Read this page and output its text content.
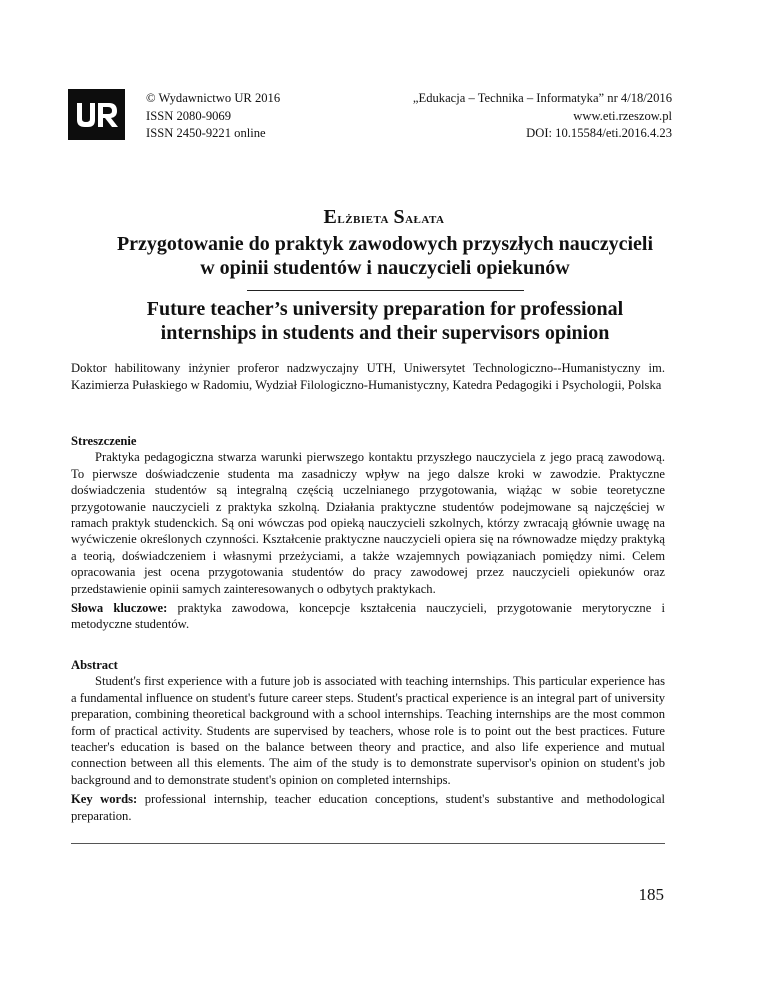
© Wydawnictwo UR 2016
ISSN 2080-9069
ISSN 2450-9221 online
„Edukacja – Technika – Informatyka” nr 4/18/2016
www.eti.rzeszow.pl
DOI: 10.15584/eti.2016.4.23
Elżbieta Sałata
Przygotowanie do praktyk zawodowych przyszłych nauczycieli
w opinii studentów i nauczycieli opiekunów
Future teacher’s university preparation for professional
internships in students and their supervisors opinion
Doktor habilitowany inżynier proferor nadzwyczajny UTH, Uniwersytet Technologiczno--Humanistyczny im. Kazimierza Pułaskiego w Radomiu, Wydział Filologiczno-Humanistyczny, Katedra Pedagogiki i Psychologii, Polska
Streszczenie

Praktyka pedagogiczna stwarza warunki pierwszego kontaktu przyszłego nauczyciela z jego pracą zawodową. To pierwsze doświadczenie studenta ma zasadniczy wpływ na jego dalsze kroki w zawodzie. Praktyczne doświadczenia studentów są integralną częścią uczelnianego przygotowania, wiążąc w sobie teoretyczne przygotowanie nauczycieli z praktyka szkolną. Działania praktyczne studentów podejmowane są najczęściej w ramach praktyk studenckich. Są oni wówczas pod opieką nauczycieli szkolnych, którzy zwracają głównie uwagę na wyćwiczenie określonych czynności. Kształcenie praktyczne nauczycieli opiera się na równowadze między praktyką a teorią, doświadczeniem i własnymi przeżyciami, a także wzajemnych powiązaniach pomiędzy nimi. Celem opracowania jest ocena przygotowania studentów do pracy zawodowej przez nauczycieli opiekunów oraz przedstawienie opinii samych zainteresowanych o odbytych praktykach.

Słowa kluczowe: praktyka zawodowa, koncepcje kształcenia nauczycieli, przygotowanie merytoryczne i metodyczne studentów.

Abstract

Student's first experience with a future job is associated with teaching internships. This particular experience has a fundamental influence on student's future career steps. Student's practical experience is an integral part of university preparation, combining theoretical background with a school internships. Teaching internships are the most common form of practical activity. Students are supervised by teachers, whose role is to point out the best practices. Future teacher's education is based on the balance between theory and practice, and also life experience and mutual connection between all this elements. The aim of the study is to demonstrate supervisor's opinion on student's job background and to demonstrate student's opinion on completed internships.

Key words: professional internship, teacher education conceptions, student's substantive and methodological preparation.

185
